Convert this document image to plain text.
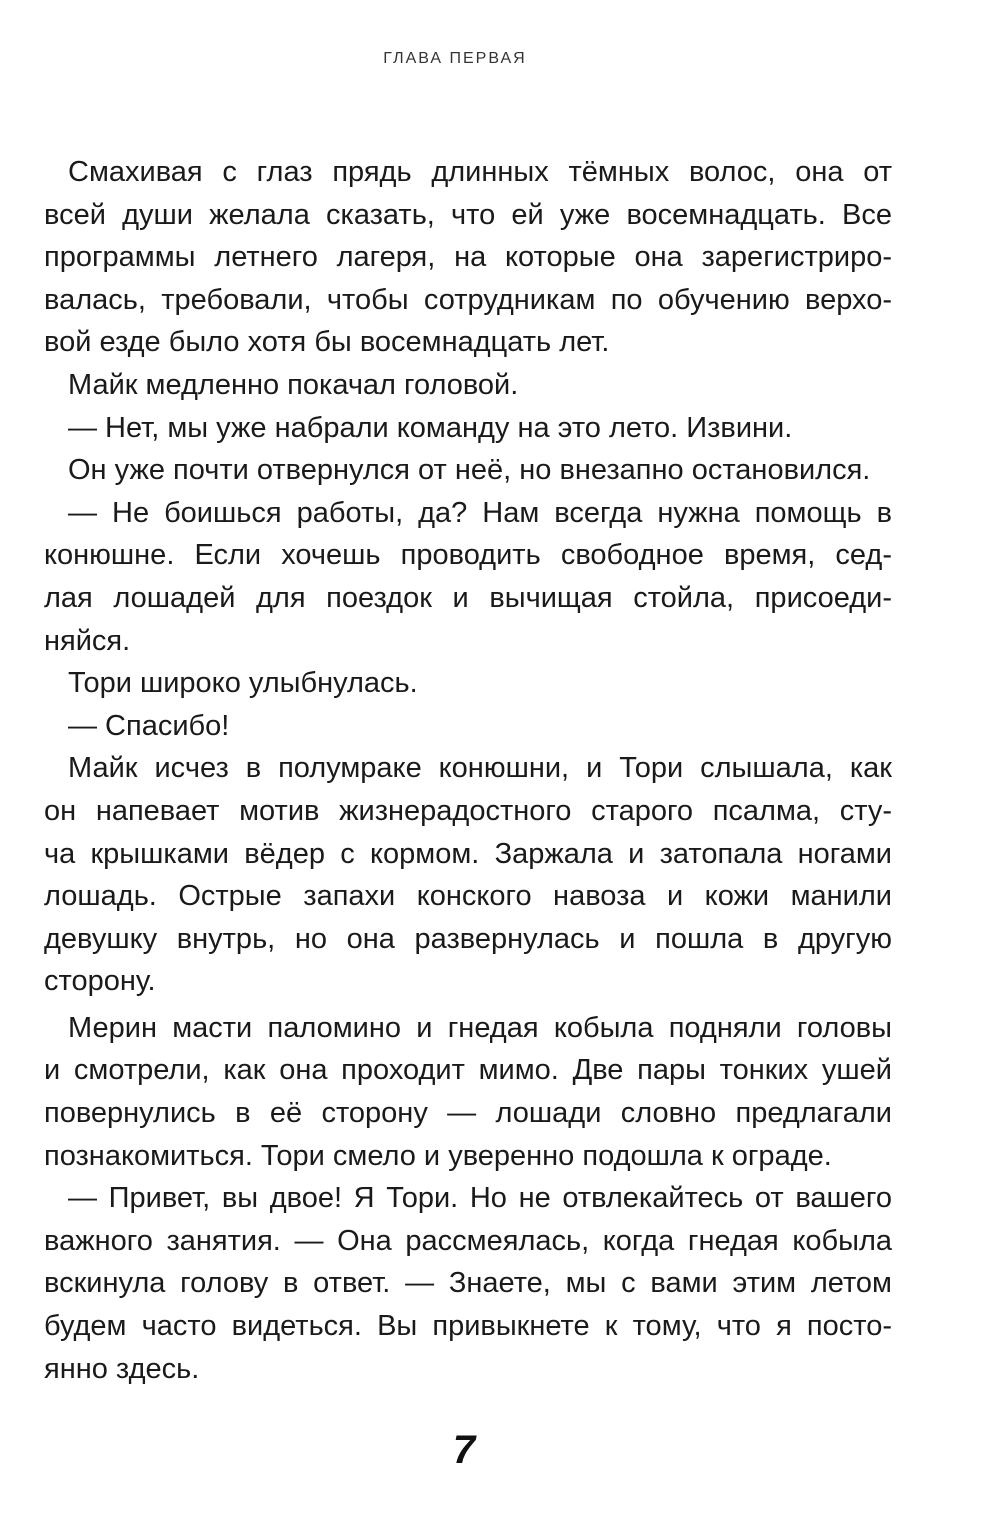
ГЛАВА ПЕРВАЯ
Смахивая с глаз прядь длинных тёмных волос, она от
всей души желала сказать, что ей уже восемнадцать. Все
программы летнего лагеря, на которые она зарегистриро-
валась, требовали, чтобы сотрудникам по обучению верхо-
вой езде было хотя бы восемнадцать лет.
Майк медленно покачал головой.
— Нет, мы уже набрали команду на это лето. Извини.
Он уже почти отвернулся от неё, но внезапно остановился.
— Не боишься работы, да? Нам всегда нужна помощь в
конюшне. Если хочешь проводить свободное время, сед-
лая лошадей для поездок и вычищая стойла, присоеди-
няйся.
Тори широко улыбнулась.
— Спасибо!
Майк исчез в полумраке конюшни, и Тори слышала, как
он напевает мотив жизнерадостного старого псалма, сту-
ча крышками вёдер с кормом. Заржала и затопала ногами
лошадь. Острые запахи конского навоза и кожи манили
девушку внутрь, но она развернулась и пошла в другую
сторону.
Мерин масти паломино и гнедая кобыла подняли головы
и смотрели, как она проходит мимо. Две пары тонких ушей
повернулись в её сторону — лошади словно предлагали
познакомиться. Тори смело и уверенно подошла к ограде.
— Привет, вы двое! Я Тори. Но не отвлекайтесь от вашего
важного занятия. — Она рассмеялась, когда гнедая кобыла
вскинула голову в ответ. — Знаете, мы с вами этим летом
будем часто видеться. Вы привыкнете к тому, что я посто-
янно здесь.
7
